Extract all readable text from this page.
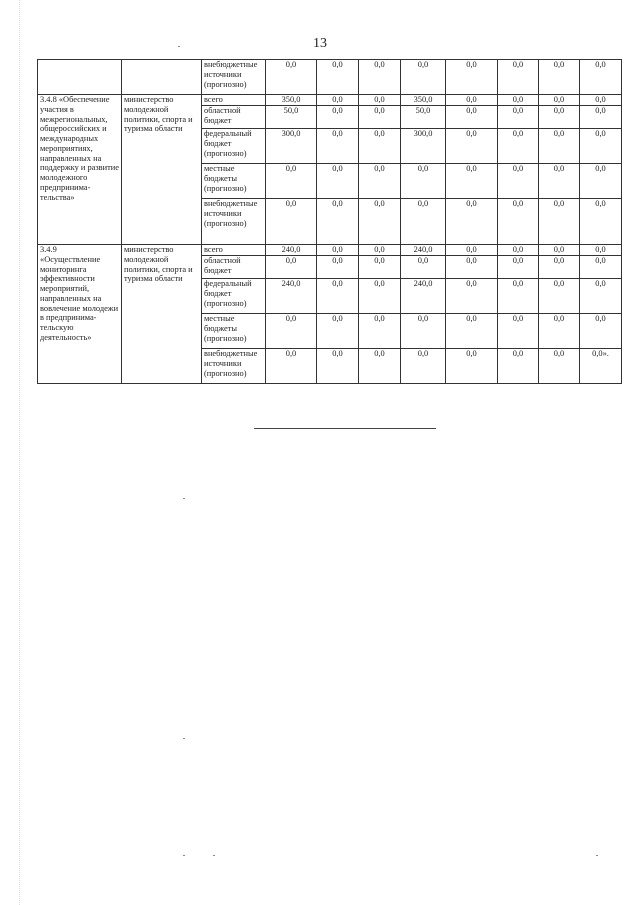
13
		внебюджетные источники (прогнозно)	0,0	0,0	0,0	0,0	0,0	0,0	0,0	0,0
3.4.8 «Обеспечение участия в межрегиональных, общероссийских и международных мероприятиях, направленных на поддержку и развитие молодежного предпринима-тельства»	министерство молодежной политики, спорта и туризма области	всего	350,0	0,0	0,0	350,0	0,0	0,0	0,0	0,0
		областной бюджет	50,0	0,0	0,0	50,0	0,0	0,0	0,0	0,0
		федеральный бюджет (прогнозно)	300,0	0,0	0,0	300,0	0,0	0,0	0,0	0,0
		местные бюджеты (прогнозно)	0,0	0,0	0,0	0,0	0,0	0,0	0,0	0,0
		внебюджетные источники (прогнозно)	0,0	0,0	0,0	0,0	0,0	0,0	0,0	0,0
3.4.9 «Осуществление мониторинга эффективности мероприятий, направленных на вовлечение молодежи в предпринима-тельскую деятельность»	министерство молодежной политики, спорта и туризма области	всего	240,0	0,0	0,0	240,0	0,0	0,0	0,0	0,0
		областной бюджет	0,0	0,0	0,0	0,0	0,0	0,0	0,0	0,0
		федеральный бюджет (прогнозно)	240,0	0,0	0,0	240,0	0,0	0,0	0,0	0,0
		местные бюджеты (прогнозно)	0,0	0,0	0,0	0,0	0,0	0,0	0,0	0,0
		внебюджетные источники (прогнозно)	0,0	0,0	0,0	0,0	0,0	0,0	0,0	0,0».
